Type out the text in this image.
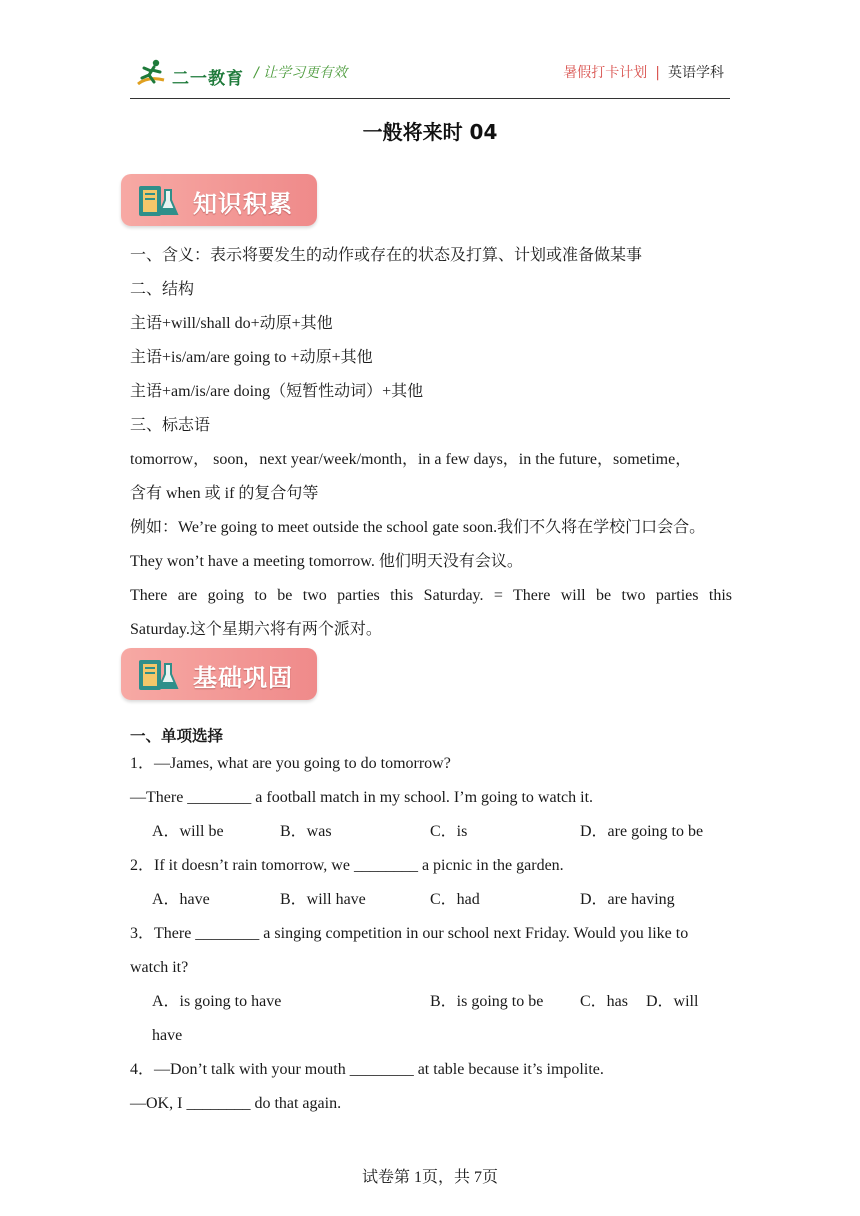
二一教育 / 让学习更有效	暑假打卡计划 | 英语学科
一般将来时 04
知识积累
一、含义：表示将要发生的动作或存在的状态及打算、计划或准备做某事
二、结构
主语+will/shall do+动原+其他
主语+is/am/are going to +动原+其他
主语+am/is/are doing（短暂性动词）+其他
三、标志语
tomorrow， soon，next year/week/month，in a few days，in the future，sometime，
含有 when 或 if 的复合句等
例如：We’re going to meet outside the school gate soon.我们不久将在学校门口会合。
They won’t have a meeting tomorrow. 他们明天没有会议。
There are going to be two parties this Saturday. = There will be two parties this
Saturday.这个星期六将有两个派对。
基础巩固
一、单项选择
1．—James, what are you going to do tomorrow?
—There ________ a football match in my school. I’m going to watch it.
A．will be	B．was	C．is	D．are going to be
2．If it doesn’t rain tomorrow, we ________ a picnic in the garden.
A．have	B．will have	C．had	D．are having
3．There ________ a singing competition in our school next Friday. Would you like to
watch it?
A．is going to have	B．is going to be C．has D．will
have
4．—Don’t talk with your mouth ________ at table because it’s impolite.
—OK, I ________ do that again.
试卷第 1页，共 7页
